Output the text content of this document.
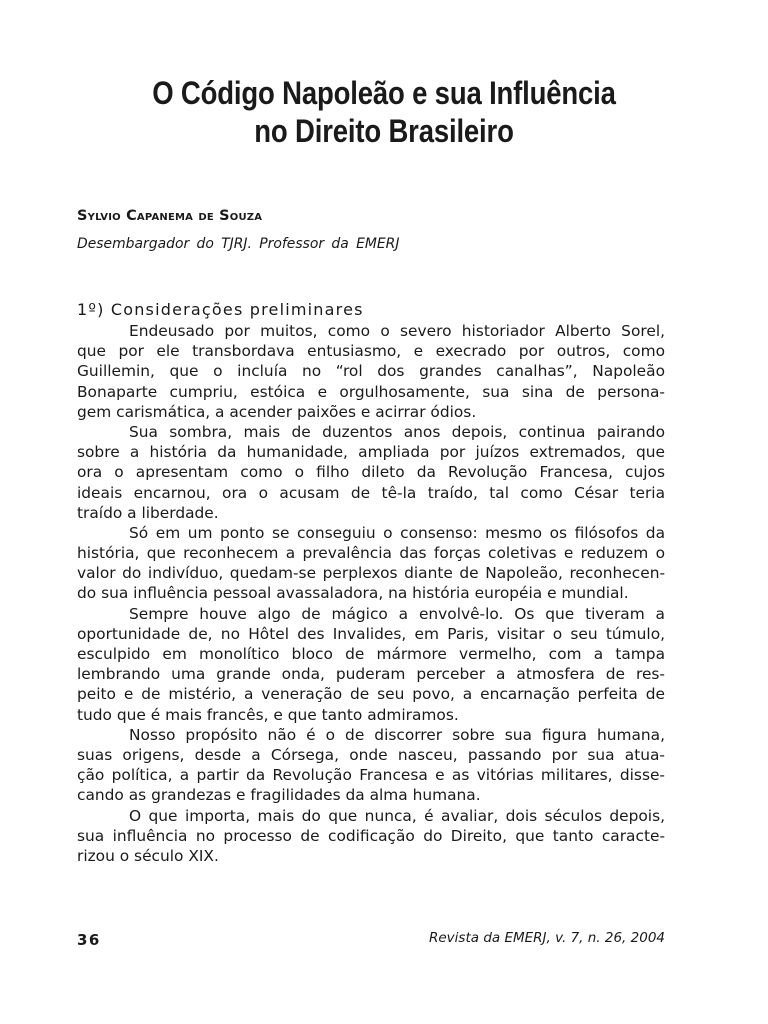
O Código Napoleão e sua Influência
no Direito Brasileiro
Sylvio Capanema de Souza
Desembargador do TJRJ. Professor da EMERJ
1º) Considerações preliminares
Endeusado por muitos, como o severo historiador Alberto Sorel,
que por ele transbordava entusiasmo, e execrado por outros, como
Guillemin, que o incluía no “rol dos grandes canalhas”, Napoleão
Bonaparte cumpriu, estóica e orgulhosamente, sua sina de persona-
gem carismática, a acender paixões e acirrar ódios.
Sua sombra, mais de duzentos anos depois, continua pairando
sobre a história da humanidade, ampliada por juízos extremados, que
ora o apresentam como o filho dileto da Revolução Francesa, cujos
ideais encarnou, ora o acusam de tê-la traído, tal como César teria
traído a liberdade.
Só em um ponto se conseguiu o consenso: mesmo os filósofos da
história, que reconhecem a prevalência das forças coletivas e reduzem o
valor do indivíduo, quedam-se perplexos diante de Napoleão, reconhecen-
do sua influência pessoal avassaladora, na história européia e mundial.
Sempre houve algo de mágico a envolvê-lo. Os que tiveram a
oportunidade de, no Hôtel des Invalides, em Paris, visitar o seu túmulo,
esculpido em monolítico bloco de mármore vermelho, com a tampa
lembrando uma grande onda, puderam perceber a atmosfera de res-
peito e de mistério, a veneração de seu povo, a encarnação perfeita de
tudo que é mais francês, e que tanto admiramos.
Nosso propósito não é o de discorrer sobre sua figura humana,
suas origens, desde a Córsega, onde nasceu, passando por sua atua-
ção política, a partir da Revolução Francesa e as vitórias militares, disse-
cando as grandezas e fragilidades da alma humana.
O que importa, mais do que nunca, é avaliar, dois séculos depois,
sua influência no processo de codificação do Direito, que tanto caracte-
rizou o século XIX.
36	Revista da EMERJ, v. 7, n. 26, 2004
